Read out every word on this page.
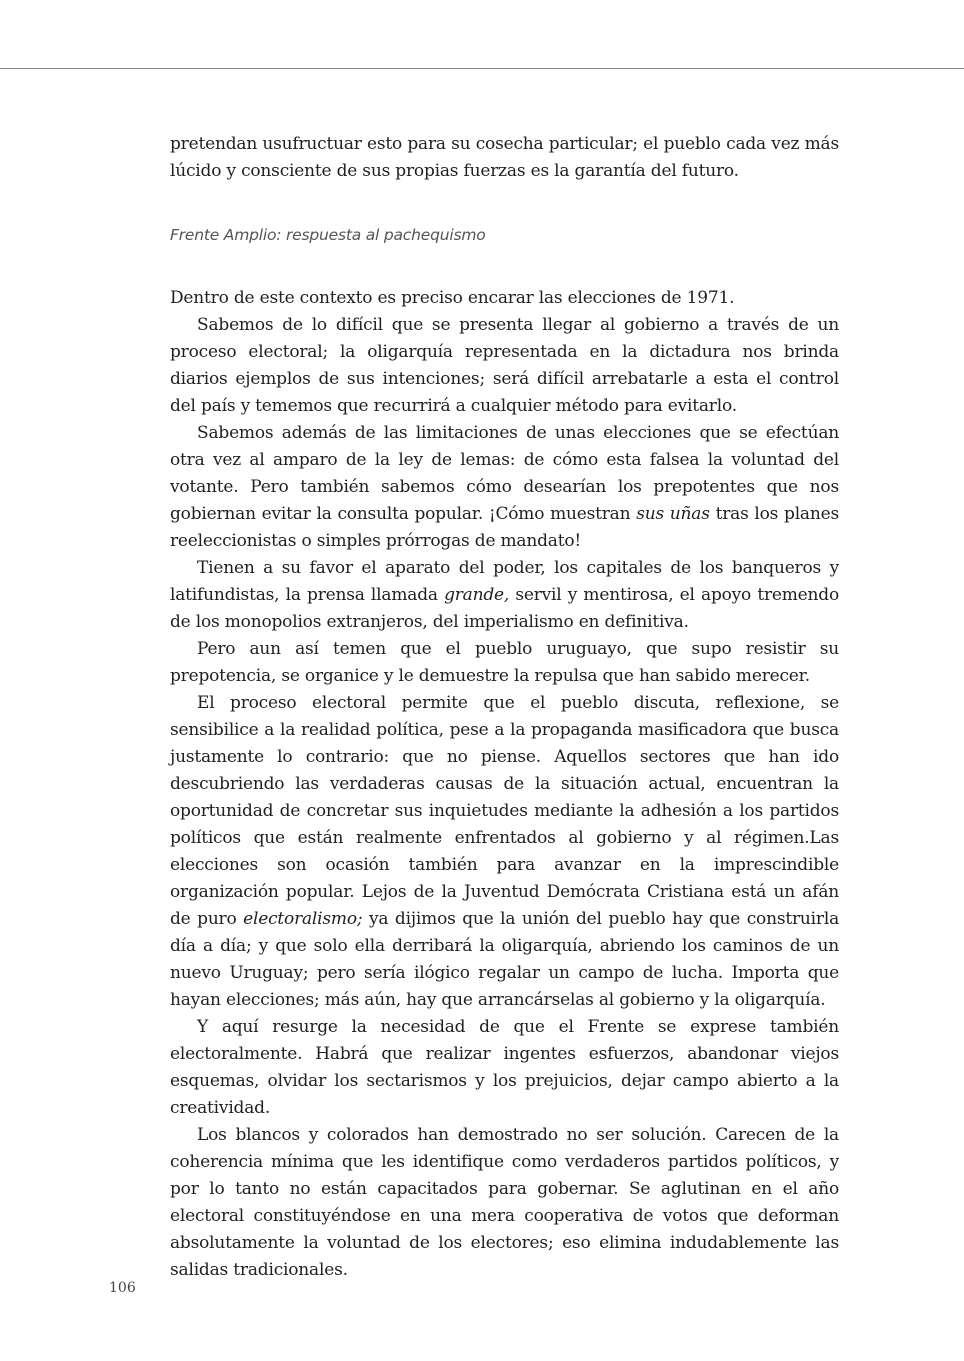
pretendan usufructuar esto para su cosecha particular; el pueblo cada vez más lúcido y consciente de sus propias fuerzas es la garantía del futuro.

Frente Amplio: respuesta al pachequismo

Dentro de este contexto es preciso encarar las elecciones de 1971.

Sabemos de lo difícil que se presenta llegar al gobierno a través de un proceso electoral; la oligarquía representada en la dictadura nos brinda diarios ejemplos de sus intenciones; será difícil arrebatarle a esta el control del país y tememos que recurrirá a cualquier método para evitarlo.

Sabemos además de las limitaciones de unas elecciones que se efectúan otra vez al amparo de la ley de lemas: de cómo esta falsea la voluntad del votante. Pero también sabemos cómo desearían los prepotentes que nos gobiernan evitar la consulta popular. ¡Cómo muestran sus uñas tras los planes reeleccionistas o simples prórrogas de mandato!

Tienen a su favor el aparato del poder, los capitales de los banqueros y latifundistas, la prensa llamada grande, servil y mentirosa, el apoyo tremendo de los monopolios extranjeros, del imperialismo en definitiva.

Pero aun así temen que el pueblo uruguayo, que supo resistir su prepotencia, se organice y le demuestre la repulsa que han sabido merecer.

El proceso electoral permite que el pueblo discuta, reflexione, se sensibilice a la realidad política, pese a la propaganda masificadora que busca justamente lo contrario: que no piense. Aquellos sectores que han ido descubriendo las verdaderas causas de la situación actual, encuentran la oportunidad de concretar sus inquietudes mediante la adhesión a los partidos políticos que están realmente enfrentados al gobierno y al régimen.Las elecciones son ocasión también para avanzar en la imprescindible organización popular. Lejos de la Juventud Demócrata Cristiana está un afán de puro electoralismo; ya dijimos que la unión del pueblo hay que construirla día a día; y que solo ella derribará la oligarquía, abriendo los caminos de un nuevo Uruguay; pero sería ilógico regalar un campo de lucha. Importa que hayan elecciones; más aún, hay que arrancárselas al gobierno y la oligarquía.

Y aquí resurge la necesidad de que el Frente se exprese también electoralmente. Habrá que realizar ingentes esfuerzos, abandonar viejos esquemas, olvidar los sectarismos y los prejuicios, dejar campo abierto a la creatividad.

Los blancos y colorados han demostrado no ser solución. Carecen de la coherencia mínima que les identifique como verdaderos partidos políticos, y por lo tanto no están capacitados para gobernar. Se aglutinan en el año electoral constituyéndose en una mera cooperativa de votos que deforman absolutamente la voluntad de los electores; eso elimina indudablemente las salidas tradicionales.

106
